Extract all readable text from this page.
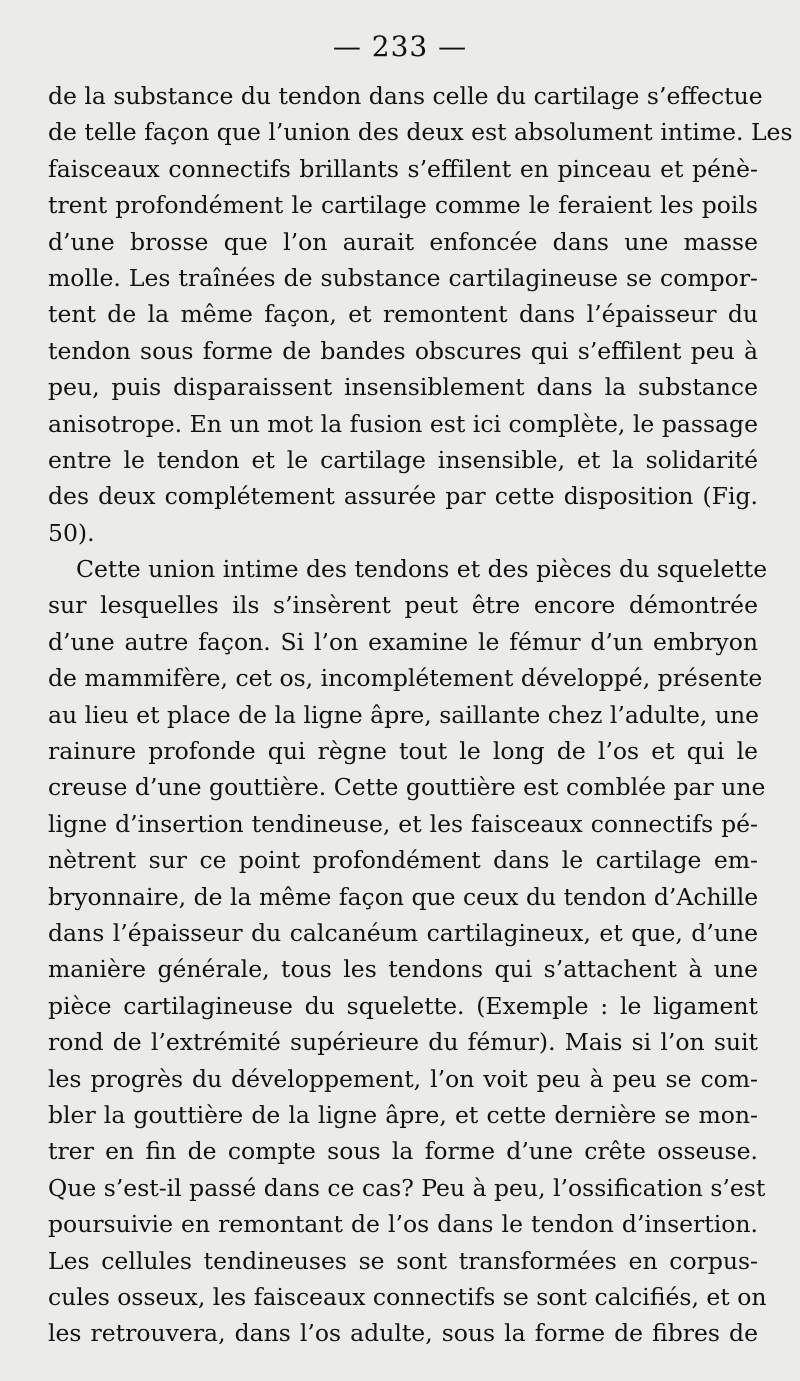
— 233 —
de la substance du tendon dans celle du cartilage s’effectue
de telle façon que l’union des deux est absolument intime. Les
faisceaux connectifs brillants s’effilent en pinceau et pénè-
trent profondément le cartilage comme le feraient les poils
d’une brosse que l’on aurait enfoncée dans une masse
molle. Les traînées de substance cartilagineuse se compor-
tent de la même façon, et remontent dans l’épaisseur du
tendon sous forme de bandes obscures qui s’effilent peu à
peu, puis disparaissent insensiblement dans la substance
anisotrope. En un mot la fusion est ici complète, le passage
entre le tendon et le cartilage insensible, et la solidarité
des deux complétement assurée par cette disposition (Fig.
50).
Cette union intime des tendons et des pièces du squelette
sur lesquelles ils s’insèrent peut être encore démontrée
d’une autre façon. Si l’on examine le fémur d’un embryon
de mammifère, cet os, incomplétement développé, présente
au lieu et place de la ligne âpre, saillante chez l’adulte, une
rainure profonde qui règne tout le long de l’os et qui le
creuse d’une gouttière. Cette gouttière est comblée par une
ligne d’insertion tendineuse, et les faisceaux connectifs pé-
nètrent sur ce point profondément dans le cartilage em-
bryonnaire, de la même façon que ceux du tendon d’Achille
dans l’épaisseur du calcanéum cartilagineux, et que, d’une
manière générale, tous les tendons qui s’attachent à une
pièce cartilagineuse du squelette. (Exemple : le ligament
rond de l’extrémité supérieure du fémur). Mais si l’on suit
les progrès du développement, l’on voit peu à peu se com-
bler la gouttière de la ligne âpre, et cette dernière se mon-
trer en fin de compte sous la forme d’une crête osseuse.
Que s’est-il passé dans ce cas? Peu à peu, l’ossification s’est
poursuivie en remontant de l’os dans le tendon d’insertion.
Les cellules tendineuses se sont transformées en corpus-
cules osseux, les faisceaux connectifs se sont calcifiés, et on
les retrouvera, dans l’os adulte, sous la forme de fibres de
